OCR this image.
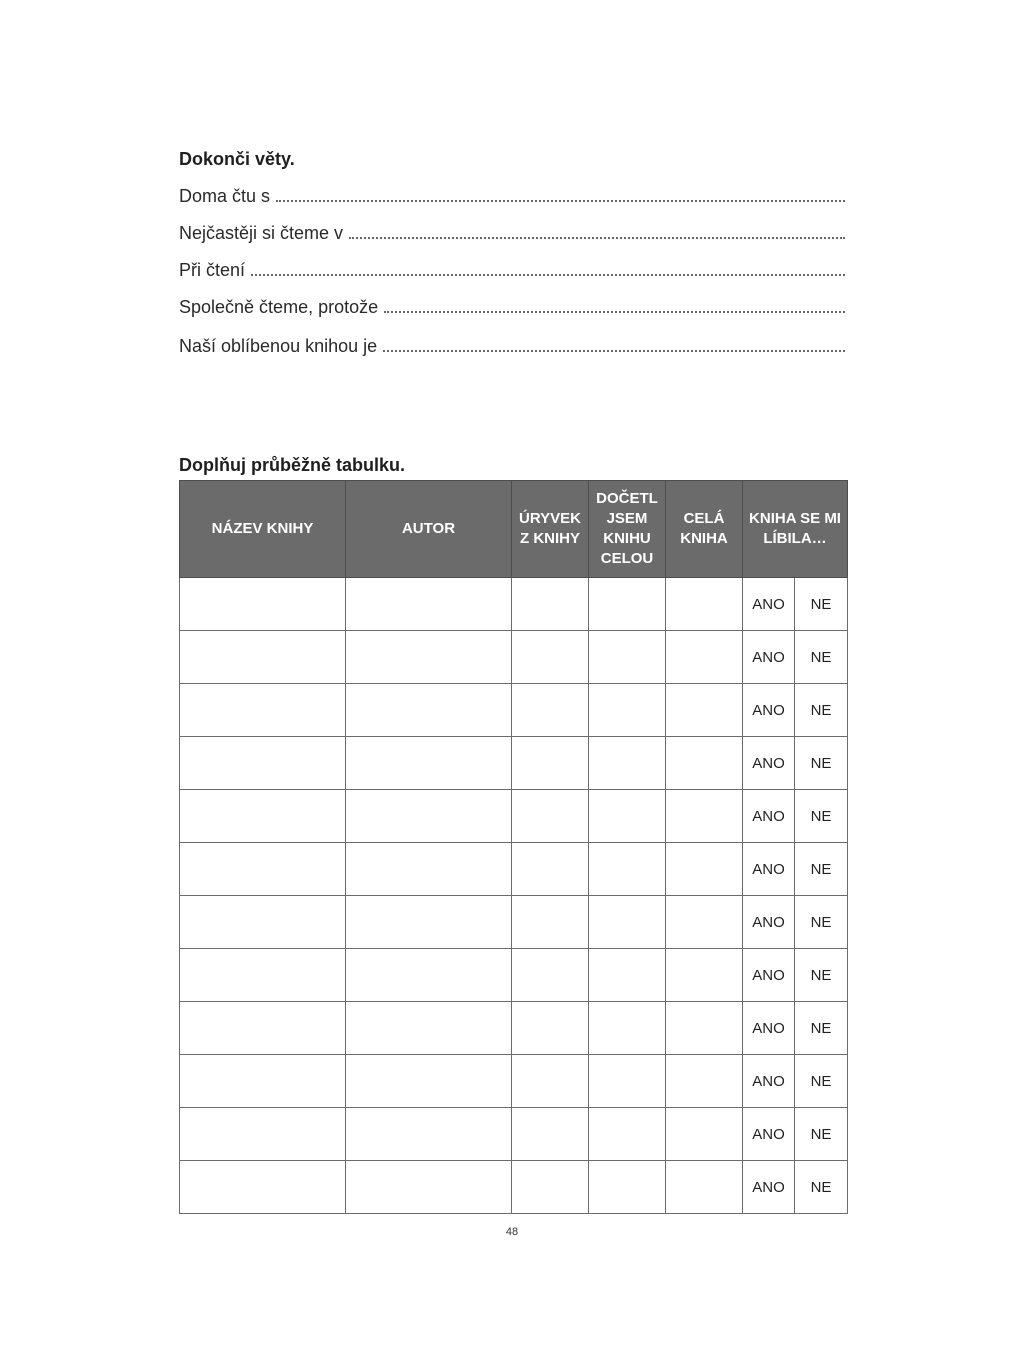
Dokonči věty.
Doma čtu s
Nejčastěji si čteme v
Při čtení
Společně čteme, protože
Naší oblíbenou knihou je
Doplňuj průběžně tabulku.
NÁZEV KNIHY	AUTOR	ÚRYVEK Z KNIHY	DOČETL JSEM KNIHU CELOU	CELÁ KNIHA	KNIHA SE MI LÍBILA…	
					ANO	NE
					ANO	NE
					ANO	NE
					ANO	NE
					ANO	NE
					ANO	NE
					ANO	NE
					ANO	NE
					ANO	NE
					ANO	NE
					ANO	NE
					ANO	NE
48
